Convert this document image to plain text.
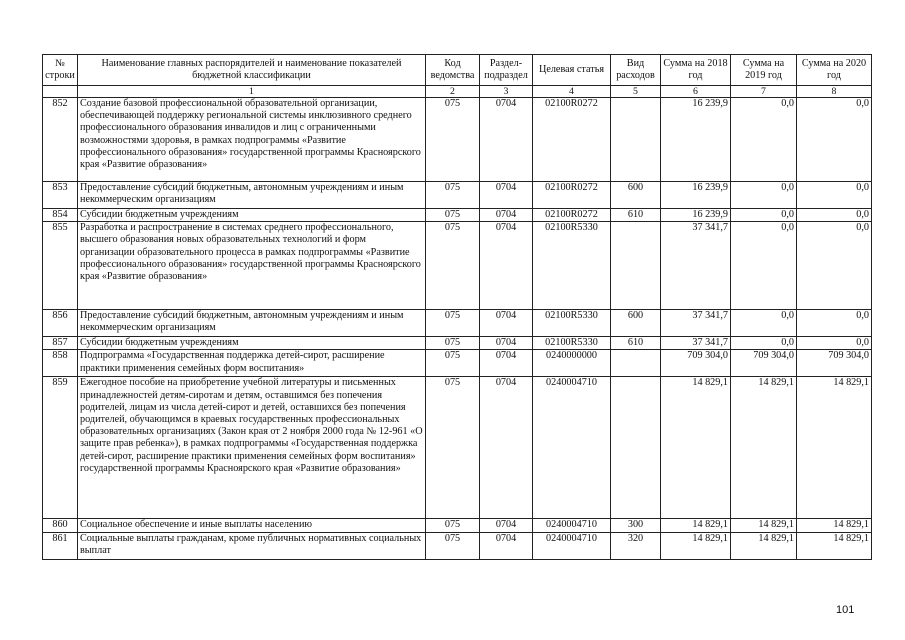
№ строки	Наименование главных распорядителей и наименование показателей бюджетной классификации	Код ведомства	Раздел-подраздел	Целевая статья	Вид расходов	Сумма на 2018 год	Сумма на 2019 год	Сумма на 2020 год
	1	2	3	4	5	6	7	8
852	Создание базовой профессиональной образовательной организации, обеспечивающей поддержку региональной системы инклюзивного среднего профессионального образования инвалидов и лиц с ограниченными возможностями здоровья, в рамках подпрограммы «Развитие профессионального образования» государственной программы Красноярского края «Развитие образования»	075	0704	02100R0272		16 239,9	0,0	0,0
853	Предоставление субсидий бюджетным, автономным учреждениям и иным некоммерческим организациям	075	0704	02100R0272	600	16 239,9	0,0	0,0
854	Субсидии бюджетным учреждениям	075	0704	02100R0272	610	16 239,9	0,0	0,0
855	Разработка и распространение в системах среднего профессионального, высшего образования новых образовательных технологий и форм организации образовательного процесса в рамках подпрограммы «Развитие профессионального образования» государственной программы Красноярского края «Развитие образования»	075	0704	02100R5330		37 341,7	0,0	0,0
856	Предоставление субсидий бюджетным, автономным учреждениям и иным некоммерческим организациям	075	0704	02100R5330	600	37 341,7	0,0	0,0
857	Субсидии бюджетным учреждениям	075	0704	02100R5330	610	37 341,7	0,0	0,0
858	Подпрограмма «Государственная поддержка детей-сирот, расширение практики применения семейных форм воспитания»	075	0704	0240000000		709 304,0	709 304,0	709 304,0
859	Ежегодное пособие на приобретение учебной литературы и письменных принадлежностей детям-сиротам и детям, оставшимся без попечения родителей, лицам из числа детей-сирот и детей, оставшихся без попечения родителей, обучающимся в краевых государственных профессиональных образовательных организациях (Закон края от 2 ноября 2000 года № 12-961 «О защите прав ребенка»), в рамках подпрограммы «Государственная поддержка детей-сирот, расширение практики применения семейных форм воспитания» государственной программы Красноярского края «Развитие образования»	075	0704	0240004710		14 829,1	14 829,1	14 829,1
860	Социальное обеспечение и иные выплаты населению	075	0704	0240004710	300	14 829,1	14 829,1	14 829,1
861	Социальные выплаты гражданам, кроме публичных нормативных социальных выплат	075	0704	0240004710	320	14 829,1	14 829,1	14 829,1
101
